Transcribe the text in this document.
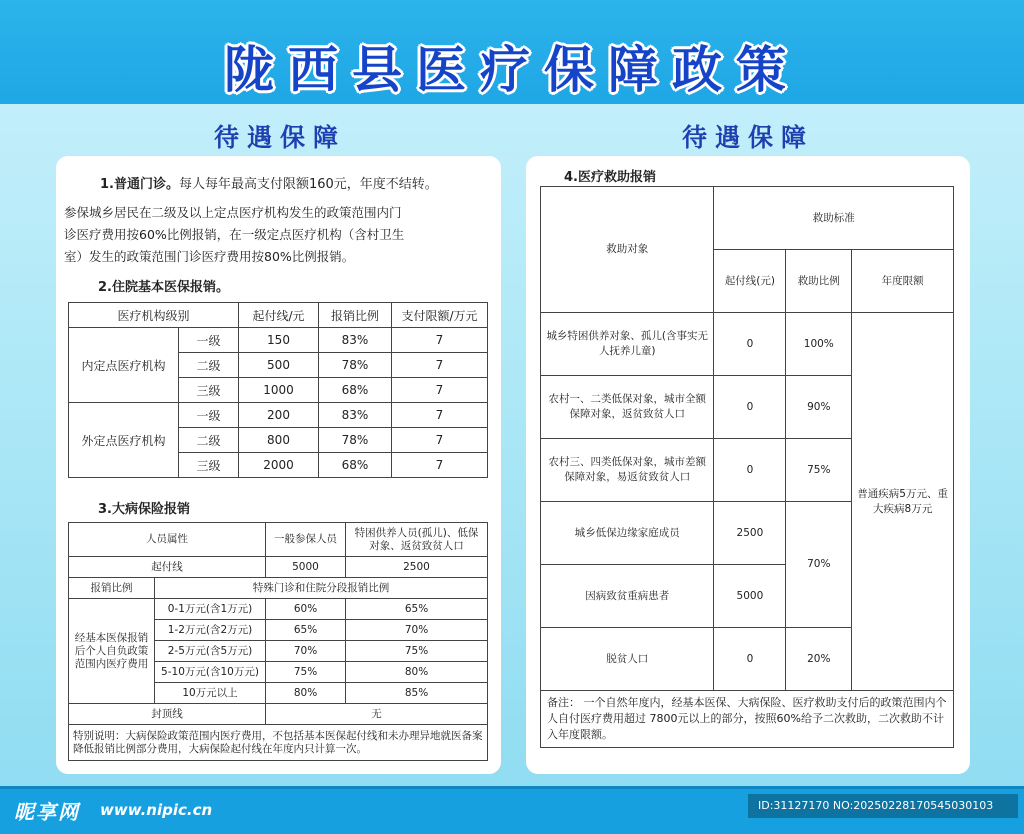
陇西县医疗保障政策
待遇保障	待遇保障
1.普通门诊。每人每年最高支付限额160元，年度不结转。
参保城乡居民在二级及以上定点医疗机构发生的政策范围内门
诊医疗费用按60%比例报销，在一级定点医疗机构（含村卫生
室）发生的政策范围门诊医疗费用按80%比例报销。
2.住院基本医保报销。
医疗机构级别		起付线/元	报销比例	支付限额/万元
内定点医疗机构	一级	150	83%	7
	二级	500	78%	7
	三级	1000	68%	7
外定点医疗机构	一级	200	83%	7
	二级	800	78%	7
	三级	2000	68%	7
3.大病保险报销
人员属性		一般参保人员	特困供养人员(孤儿)、低保对象、返贫致贫人口
起付线		5000	2500
报销比例	特殊门诊和住院分段报销比例		
经基本医保报销后个人自负政策范围内医疗费用	0-1万元(含1万元)	60%	65%
	1-2万元(含2万元)	65%	70%
	2-5万元(含5万元)	70%	75%
	5-10万元(含10万元)	75%	80%
	10万元以上	80%	85%
封顶线		无	
特别说明：大病保险政策范围内医疗费用，不包括基本医保起付线和未办理异地就医备案降低报销比例部分费用，大病保险起付线在年度内只计算一次。			
4.医疗救助报销
救助对象	救助标准		
	起付线(元)	救助比例	年度限额
城乡特困供养对象、孤儿(含事实无人抚养儿童)	0	100%	普通疾病5万元、重大疾病8万元
农村一、二类低保对象，城市全额保障对象，返贫致贫人口	0	90%	
农村三、四类低保对象，城市差额保障对象，易返贫致贫人口	0	75%	
城乡低保边缘家庭成员	2500	70%	
因病致贫重病患者	5000		
脱贫人口	0	20%	
备注： 一个自然年度内，经基本医保、大病保险、医疗救助支付后的政策范围内个人自付医疗费用超过 7800元以上的部分，按照60%给予二次救助，二次救助不计入年度限额。			
昵享网 www.nipic.cn	ID:31127170 NO:20250228170545030103
